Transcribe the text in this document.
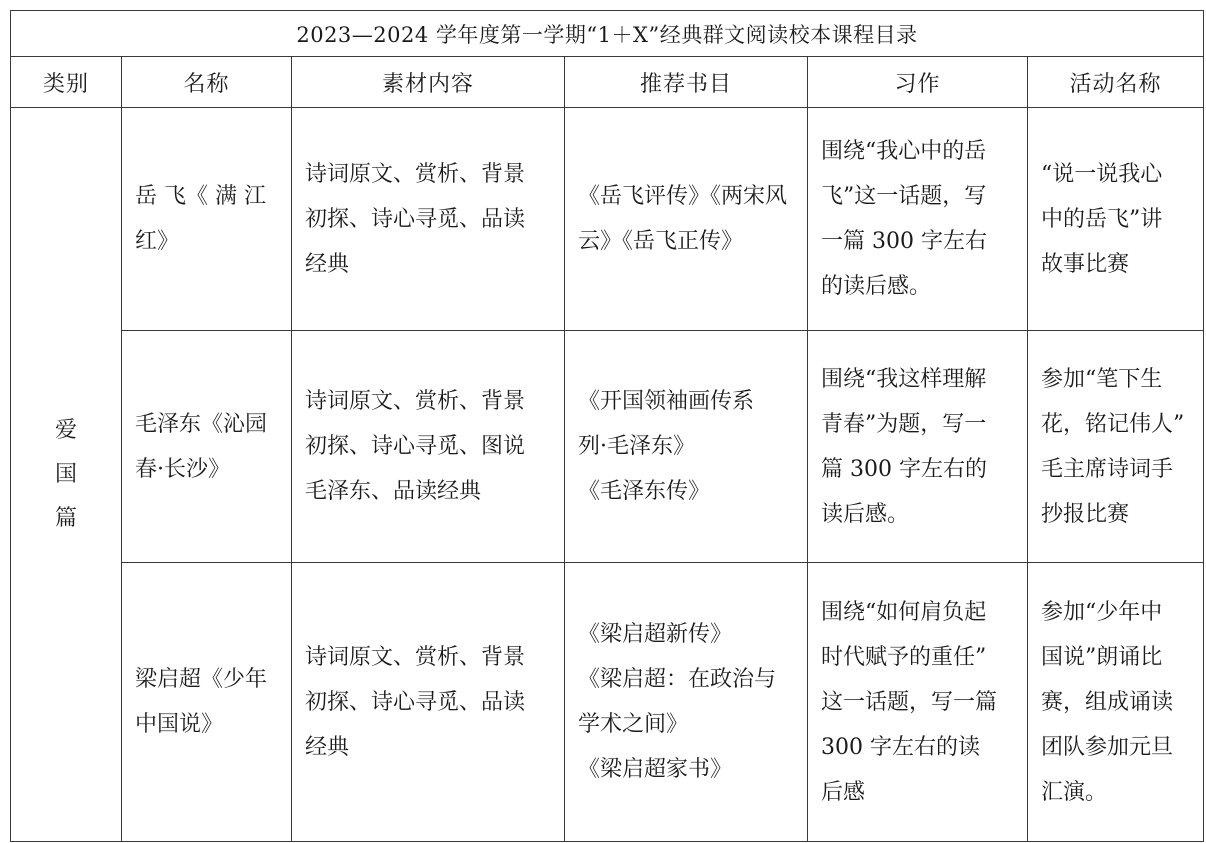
2023—2024 学年度第一学期“1＋X”经典群文阅读校本课程目录					
类别	名称	素材内容	推荐书目	习作	活动名称

爱
国
篇	岳 飞《 满 江
红》	诗词原文、赏析、背景
初探、诗心寻觅、品读
经典	《岳飞评传》《两宋风
云》《岳飞正传》	围绕“我心中的岳
飞”这一话题，写
一篇 300 字左右
的读后感。	“说一说我心
中的岳飞”讲
故事比赛

	毛泽东《沁园
春·长沙》	诗词原文、赏析、背景
初探、诗心寻觅、图说
毛泽东、品读经典	《开国领袖画传系
列·毛泽东》
《毛泽东传》	围绕“我这样理解
青春”为题，写一
篇 300 字左右的
读后感。	参加“笔下生
花，铭记伟人”
毛主席诗词手
抄报比赛

	梁启超《少年
中国说》	诗词原文、赏析、背景
初探、诗心寻觅、品读
经典	《梁启超新传》
《梁启超：在政治与
学术之间》
《梁启超家书》	围绕“如何肩负起
时代赋予的重任”
这一话题，写一篇
300 字左右的读
后感	参加“少年中
国说”朗诵比
赛，组成诵读
团队参加元旦
汇演。
